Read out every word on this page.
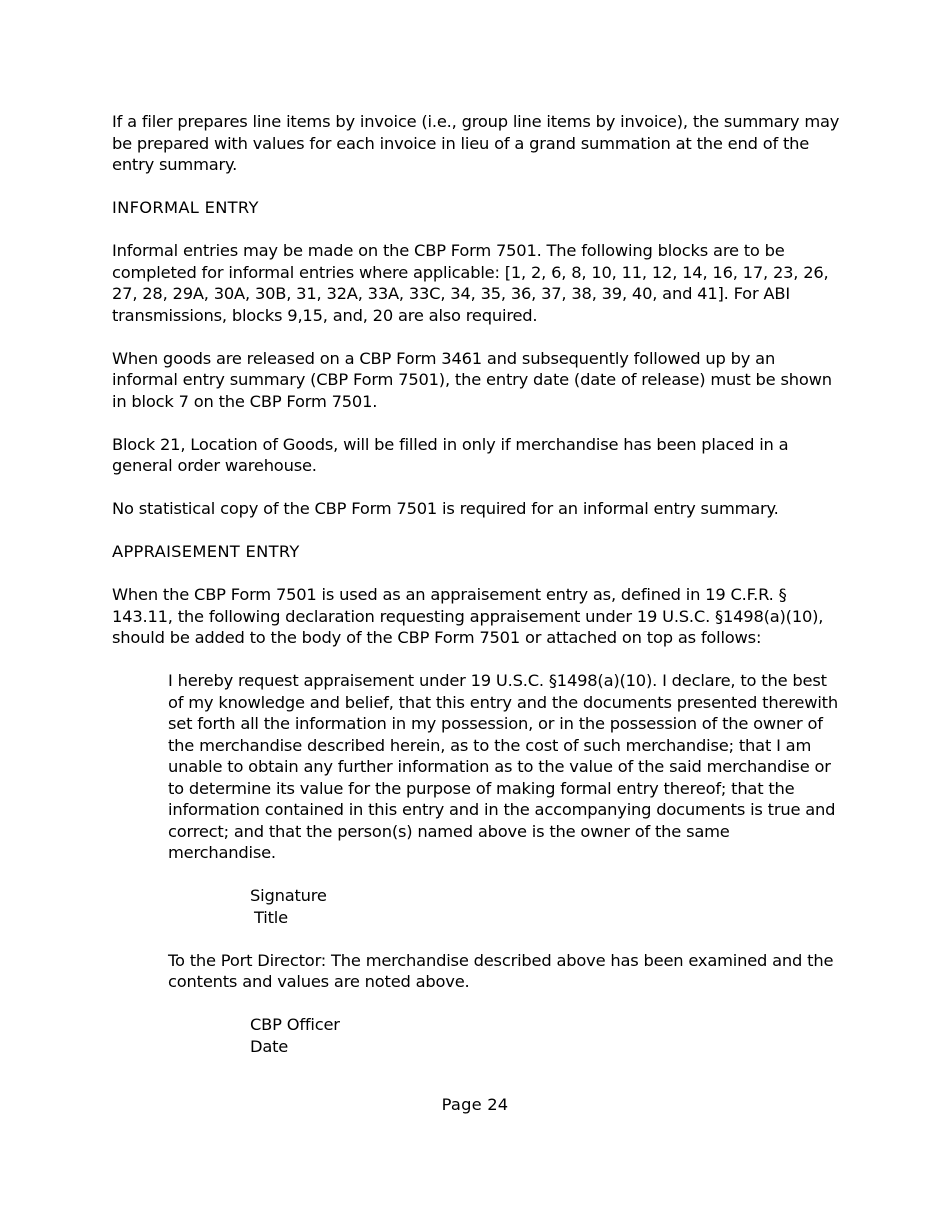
If a filer prepares line items by invoice (i.e., group line items by invoice), the summary may be prepared with values for each invoice in lieu of a grand summation at the end of the entry summary.

INFORMAL ENTRY

Informal entries may be made on the CBP Form 7501. The following blocks are to be completed for informal entries where applicable: [1, 2, 6, 8, 10, 11, 12, 14, 16, 17, 23, 26, 27, 28, 29A, 30A, 30B, 31, 32A, 33A, 33C, 34, 35, 36, 37, 38, 39, 40, and 41]. For ABI transmissions, blocks 9,15, and, 20 are also required.

When goods are released on a CBP Form 3461 and subsequently followed up by an informal entry summary (CBP Form 7501), the entry date (date of release) must be shown in block 7 on the CBP Form 7501.

Block 21, Location of Goods, will be filled in only if merchandise has been placed in a general order warehouse.

No statistical copy of the CBP Form 7501 is required for an informal entry summary.

APPRAISEMENT ENTRY

When the CBP Form 7501 is used as an appraisement entry as, defined in 19 C.F.R. § 143.11, the following declaration requesting appraisement under 19 U.S.C. §1498(a)(10), should be added to the body of the CBP Form 7501 or attached on top as follows:

I hereby request appraisement under 19 U.S.C. §1498(a)(10). I declare, to the best of my knowledge and belief, that this entry and the documents presented therewith set forth all the information in my possession, or in the possession of the owner of the merchandise described herein, as to the cost of such merchandise; that I am unable to obtain any further information as to the value of the said merchandise or to determine its value for the purpose of making formal entry thereof; that the information contained in this entry and in the accompanying documents is true and correct; and that the person(s) named above is the owner of the same merchandise.

Signature
Title

To the Port Director: The merchandise described above has been examined and the contents and values are noted above.

CBP Officer
Date
Page 24
